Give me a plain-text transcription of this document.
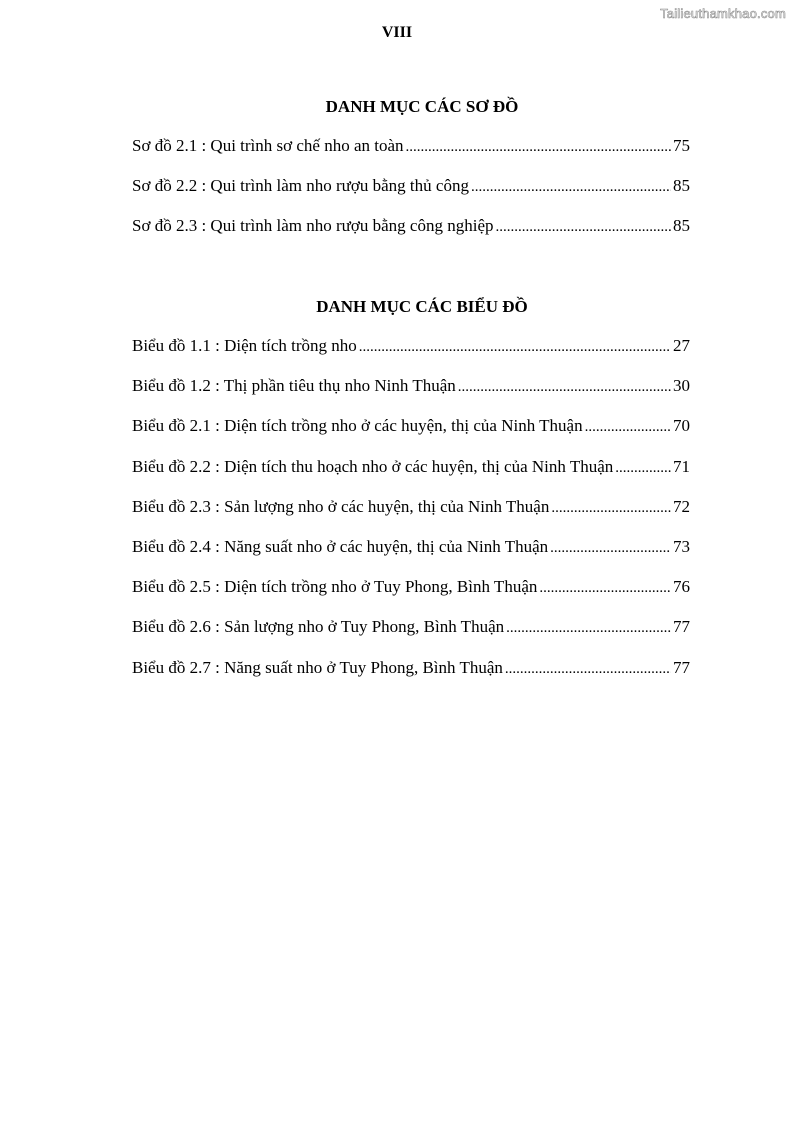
Tailieuthamkhao.com
VIII
DANH MỤC CÁC SƠ ĐỒ
Sơ đồ 2.1 : Qui trình sơ chế nho an toàn .....	75
Sơ đồ 2.2 : Qui trình làm nho rượu bằng thủ công .....	85
Sơ đồ 2.3 : Qui trình làm nho rượu bằng công nghiệp .....	85
DANH MỤC CÁC BIỂU ĐỒ
Biểu đồ 1.1 : Diện tích trồng nho .....	27
Biểu đồ 1.2 : Thị phần tiêu thụ nho Ninh Thuận .....	30
Biểu đồ 2.1 : Diện tích trồng nho ở các huyện, thị của Ninh Thuận .....	70
Biểu đồ 2.2 : Diện tích thu hoạch nho ở các huyện, thị của Ninh Thuận .....	71
Biểu đồ 2.3 : Sản lượng nho ở các huyện, thị của Ninh Thuận .....	72
Biểu đồ 2.4 : Năng suất nho ở các huyện, thị của Ninh Thuận .....	73
Biểu đồ 2.5 : Diện tích trồng nho ở Tuy Phong, Bình Thuận .....	76
Biểu đồ 2.6 : Sản lượng nho ở Tuy Phong, Bình Thuận .....	77
Biểu đồ 2.7 : Năng suất nho ở Tuy Phong, Bình Thuận .....	77
